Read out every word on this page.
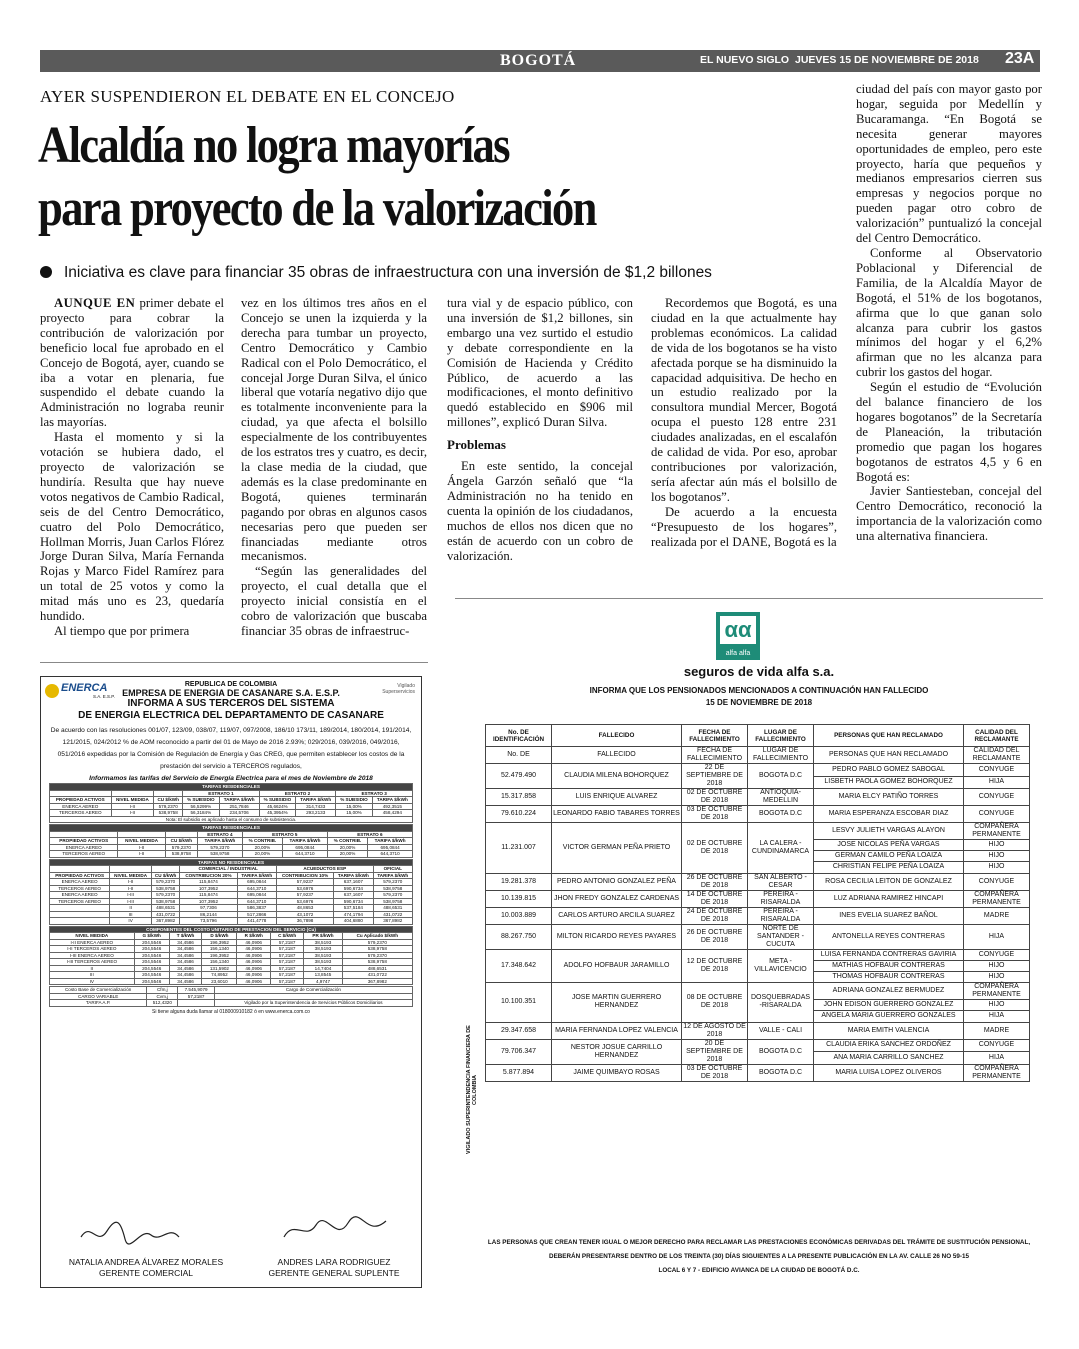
BOGOTÁ	EL NUEVO SIGLO JUEVES 15 DE NOVIEMBRE DE 2018 23A
AYER SUSPENDIERON EL DEBATE EN EL CONCEJO
Alcaldía no logra mayorías
para proyecto de la valorización
Iniciativa es clave para financiar 35 obras de infraestructura con una inversión de $1,2 billones

AUNQUE EN primer debate el proyecto para cobrar la contribución de valorización por beneficio local fue aprobado en el Concejo de Bogotá, ayer, cuando se iba a votar en plenaria, fue suspendido el debate cuando la Administración no lograba reunir las mayorías.

Hasta el momento y si la votación se hubiera dado, el proyecto de valorización se hundiría. Resulta que hay nueve votos negativos de Cambio Radical, seis de del Centro Democrático, cuatro del Polo Democrático, Hollman Morris, Juan Carlos Flórez Jorge Duran Silva, María Fernanda Rojas y Marco Fidel Ramírez para un total de 25 votos y como la mitad más uno es 23, quedaría hundido.

Al tiempo que por primera

vez en los últimos tres años en el Concejo se unen la izquierda y la derecha para tumbar un proyecto, Centro Democrático y Cambio Radical con el Polo Democrático, el concejal Jorge Duran Silva, el único liberal que votaría negativo dijo que es totalmente inconveniente para la ciudad, ya que afecta el bolsillo especialmente de los contribuyentes de los estratos tres y cuatro, es decir, la clase media de la ciudad, que además es la clase predominante en Bogotá, quienes terminarán pagando por obras en algunos casos necesarias pero que pueden ser financiadas mediante otros mecanismos.

“Según las generalidades del proyecto, el cual detalla que el proyecto inicial consistía en el cobro de valorización que buscaba financiar 35 obras de infraestruc-

tura vial y de espacio público, con una inversión de $1,2 billones, sin embargo una vez surtido el estudio y debate correspondiente en la Comisión de Hacienda y Crédito Público, de acuerdo a las modificaciones, el monto definitivo quedó establecido en $906 mil millones”, explicó Duran Silva.

Problemas

En este sentido, la concejal Ángela Garzón señaló que “la Administración no ha tenido en cuenta la opinión de los ciudadanos, muchos de ellos nos dicen que no están de acuerdo con un cobro de valorización.

Recordemos que Bogotá, es una ciudad en la que actualmente hay problemas económicos. La calidad de vida de los bogotanos se ha visto afectada porque se ha disminuido la capacidad adquisitiva. De hecho en un estudio realizado por la consultora mundial Mercer, Bogotá ocupa el puesto 128 entre 231 ciudades analizadas, en el escalafón de calidad de vida. Por eso, aprobar contribuciones por valorización, sería afectar aún más el bolsillo de los bogotanos”.

De acuerdo a la encuesta “Presupuesto de los hogares”, realizada por el DANE, Bogotá es la

ciudad del país con mayor gasto por hogar, seguida por Medellín y Bucaramanga. “En Bogotá se necesita generar mayores oportunidades de empleo, pero este proyecto, haría que pequeños y medianos empresarios cierren sus empresas y negocios porque no pueden pagar otro cobro de valorización” puntualizó la concejal del Centro Democrático.

Conforme al Observatorio Poblacional y Diferencial de Familia, de la Alcaldía Mayor de Bogotá, el 51% de los bogotanos, afirma que lo que ganan solo alcanza para cubrir los gastos mínimos del hogar y el 6,2% afirman que no les alcanza para cubrir los gastos del hogar.

Según el estudio de “Evolución del balance financiero de los hogares bogotanos” de la Secretaría de Planeación, la tributación promedio que pagan los hogares bogotanos de estratos 4,5 y 6 en Bogotá es:

Javier Santiesteban, concejal del Centro Democrático, reconoció la importancia de la valorización como una alternativa financiera.

ENERCA
S.A. E.S.P.
Vigilado Superservicios
REPUBLICA DE COLOMBIA
EMPRESA DE ENERGIA DE CASANARE S.A. E.S.P.
INFORMA A SUS TERCEROS DEL SISTEMA
DE ENERGIA ELECTRICA DEL DEPARTAMENTO DE CASANARE
De acuerdo con las resoluciones 001/07, 123/09, 038/07, 119/07, 097/2008, 186/10 173/11, 189/2014, 180/2014, 191/2014, 121/2015, 024/2012 % de AOM reconocido a partir del 01 de Mayo de 2016 2.93%; 029/2016, 039/2016, 049/2016, 051/2016 expedidas por la Comisión de Regulación de Energía y Gas CREG, que permiten establecer los costos de la prestación del servicio a TERCEROS regulados,
Informamos las tarifas del Servicio de Energía Electrica para el mes de Noviembre de 2018
TARIFAS RESIDENCIALES								
			ESTRATO 1		ESTRATO 2		ESTRATO 3	
PROPIEDAD ACTIVOS	NIVEL MEDIDA	CU $/kWh	% SUBSIDIO	TARIFA $/kWh	% SUBSIDIO	TARIFA $/kWh	% SUBSIDIO	TARIFA $/kWh
ENERCA AEREO	I-II	579,2370	56,5299%	251,7846	45,6624%	314,7433	15,00%	492,3515
TERCEROS AEREO	I-II	538,9758	56,3184%	234,5706	45,3954%	293,2133	15,00%	458,4294
Nota: El subsidio es aplicado hasta el consumo de subsistencia.								
TARIFAS RESIDENCIALES							
			ESTRATO 4	ESTRATO 5		ESTRATO 6	
PROPIEDAD ACTIVOS	NIVEL MEDIDA	CU $/kWh	TARIFA $/kWh	% CONTRIB.	TARIFA $/kWh	% CONTRIB.	TARIFA $/kWh
ENERCA AEREO	I-II	579,2370	579,2370	20,00%	695,0844	20,00%	695,0844
TERCEROS AEREO	I-II	538,9758	538,9758	20,00%	644,3710	20,00%	644,3710
TARIFAS NO RESIDENCIALES							
			COMERCIAL / INDUSTRIAL		ACUEDUCTOS ESP		OFICIAL
PROPIEDAD ACTIVOS	NIVEL MEDIDA	CU $/kWh	CONTRIBUCION 20%	TARIFA $/kWh	CONTRIBUCION 10%	TARIFA $/kWh	TARIFA $/kWh
ENERCA AEREO	I-II	579,2370	115,8474	695,0844	57,9237	637,1607	579,2370
TERCEROS AEREO	I-II	538,9758	107,3952	644,3710	53,6976	590,6734	538,9758
ENERCA AEREO	I-III	579,2370	115,8474	695,0844	57,9237	637,1607	579,2370
TERCEROS AEREO	I-III	538,9758	107,3952	644,3710	53,6976	590,6734	538,9758
	II	488,6531	97,7306	586,3837	48,8653	537,5184	488,6531
	III	431,0722	86,2144	517,2866	43,1072	474,1794	431,0722
	IV	367,8982	73,5796	441,4778	36,7898	404,6880	367,8982
COMPONENTES DEL COSTO UNITARIO DE PRESTACION DEL SERVICIO (Cu)							
NIVEL MEDIDA	G $/kWh	T $/kWh	D $/kWh	R $/kWh	C $/kWh	PR $/kWh	Cu Aplicado $/kWh
I-II ENERCA AEREO	204,5546	34,4586	196,3952	46,0906	57,2187	38,5193	579,2370
I-II TERCEROS AEREO	204,5546	34,4586	156,1340	46,0906	57,2187	38,5193	538,9758
I-III ENERCA AEREO	204,5546	34,4586	196,3952	46,0906	57,2187	38,5193	579,2370
I-III TERCEROS AEREO	204,5546	34,4586	156,1340	46,0906	57,2187	38,5193	538,9758
II	204,5546	34,4586	131,5902	46,0906	57,2187	14,7404	488,6531
III	204,5546	34,4586	74,8952	46,0906	57,2187	13,8545	431,0722
IV	204,5546	34,4586	23,6010	46,0906	57,2187	4,9747	367,8982
Costo Base de Comercialización	Cfm,j	7.545,9079	Cargo de Comercialización
CARGO VARIABLE	Cvm,j	57,2187	
TARIFA A.P.	512,4320		Vigilado por la Superintendencia de Servicios Públicos Domiciliarios
Si tiene alguna duda llamar al 018000910182 ó en www.enerca.com.co
NATALIA ANDREA ÁLVAREZ MORALES
GERENTE COMERCIAL
ANDRES LARA RODRIGUEZ
GERENTE GENERAL SUPLENTE
VIGILADO SUPERINTENDENCIA FINANCIERA DE COLOMBIA
αα
alfa alfa
seguros de vida alfa s.a.
INFORMA QUE LOS PENSIONADOS MENCIONADOS A CONTINUACIÓN HAN FALLECIDO
15 DE NOVIEMBRE DE 2018
No. DE IDENTIFICACIÓN	FALLECIDO	FECHA DE FALLECIMIENTO	LUGAR DE FALLECIMIENTO	PERSONAS QUE HAN RECLAMADO	CALIDAD DEL RECLAMANTE
No. DE	FALLECIDO	FECHA DE FALLECIMIENTO	LUGAR DE FALLECIMIENTO	PERSONAS QUE HAN RECLAMADO	CALIDAD DEL RECLAMANTE
52.479.490	CLAUDIA MILENA BOHORQUEZ	22 DE SEPTIEMBRE DE 2018	BOGOTA D.C	PEDRO PABLO GOMEZ SABOGAL	CONYUGE
				LISBETH PAOLA GOMEZ BOHORQUEZ	HIJA
15.317.858	LUIS ENRIQUE ALVAREZ	02 DE OCTUBRE DE 2018	ANTIOQUIA-MEDELLIN	MARIA ELCY PATIÑO TORRES	CONYUGE
79.610.224	LEONARDO FABIO TABARES TORRES	03 DE OCTUBRE DE 2018	BOGOTA D.C	MARIA ESPERANZA ESCOBAR DIAZ	CONYUGE
11.231.007	VICTOR GERMAN PEÑA PRIETO	02 DE OCTUBRE DE 2018	LA CALERA - CUNDINAMARCA	LESVY JULIETH VARGAS ALAYON	COMPAÑERA PERMANENTE
				JOSE NICOLAS PEÑA VARGAS	HIJO
				GERMAN CAMILO PEÑA LOAIZA	HIJO
				CHRISTIAN FELIPE PEÑA LOAIZA	HIJO
19.281.378	PEDRO ANTONIO GONZALEZ PEÑA	26 DE OCTUBRE DE 2018	SAN ALBERTO - CESAR	ROSA CECILIA LEITON DE GONZALEZ	CONYUGE
10.139.815	JHON FREDY GONZALEZ CARDENAS	14 DE OCTUBRE DE 2018	PEREIRA - RISARALDA	LUZ ADRIANA RAMIREZ HINCAPI	COMPAÑERA PERMANENTE
10.003.889	CARLOS ARTURO ARCILA SUAREZ	24 DE OCTUBRE DE 2018	PEREIRA - RISARALDA	INES EVELIA SUAREZ BAÑOL	MADRE
88.267.750	MILTON RICARDO REYES PAYARES	26 DE OCTUBRE DE 2018	NORTE DE SANTANDER - CUCUTA	ANTONELLA REYES CONTRERAS	HIJA
17.348.642	ADOLFO HOFBAUR JARAMILLO	12 DE OCTUBRE DE 2018	META - VILLAVICENCIO	LUISA FERNANDA CONTRERAS GAVIRIA	CONYUGE
				MATHIAS HOFBAUR CONTRERAS	HIJO
				THOMAS HOFBAUR CONTRERAS	HIJO
10.100.351	JOSE MARTIN GUERRERO HERNANDEZ	08 DE OCTUBRE DE 2018	DOSQUEBRADAS -RISARALDA	ADRIANA GONZALEZ BERMUDEZ	COMPAÑERA PERMANENTE
				JOHN EDISON GUERRERO GONZALEZ	HIJO
				ANGELA MARIA GUERRERO GONZALES	HIJA
29.347.658	MARIA FERNANDA LOPEZ VALENCIA	12 DE AGOSTO DE 2018	VALLE - CALI	MARIA EMITH VALENCIA	MADRE
79.706.347	NESTOR JOSUE CARRILLO HERNANDEZ	20 DE SEPTIEMBRE DE 2018	BOGOTA D.C	CLAUDIA ERIKA SANCHEZ ORDOÑEZ	CONYUGE
				ANA MARIA CARRILLO SANCHEZ	HIJA
5.877.894	JAIME QUIMBAYO ROSAS	03 DE OCTUBRE DE 2018	BOGOTA D.C	MARIA LUISA LOPEZ OLIVEROS	COMPAÑERA PERMANENTE
LAS PERSONAS QUE CREAN TENER IGUAL O MEJOR DERECHO PARA RECLAMAR LAS PRESTACIONES ECONÓMICAS DERIVADAS DEL TRÁMITE DE SUSTITUCIÓN PENSIONAL,
DEBERÁN PRESENTARSE DENTRO DE LOS TREINTA (30) DÍAS SIGUIENTES A LA PRESENTE PUBLICACIÓN EN LA AV. CALLE 26 NO 59-15
LOCAL 6 Y 7 - EDIFICIO AVIANCA DE LA CIUDAD DE BOGOTÁ D.C.
